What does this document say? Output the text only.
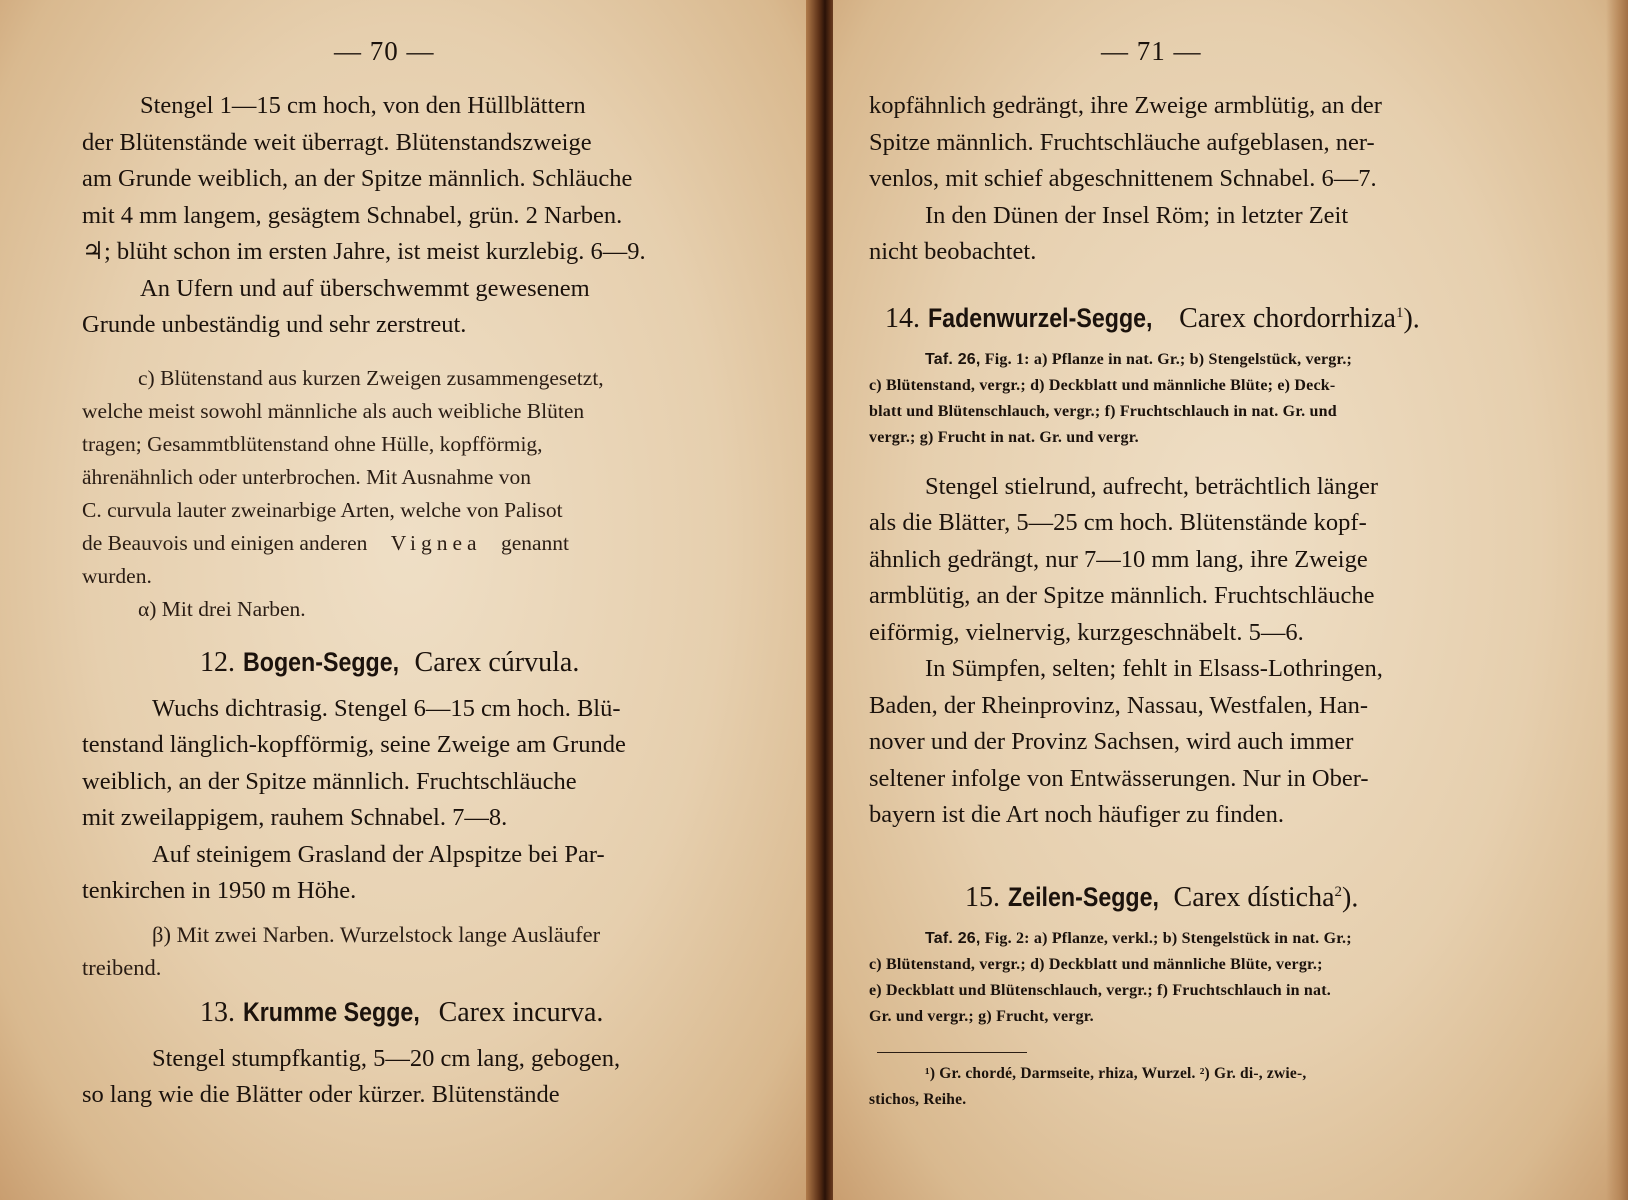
— 70 —

Stengel 1—15 cm hoch, von den Hüllblättern
der Blütenstände weit überragt. Blütenstandszweige
am Grunde weiblich, an der Spitze männlich. Schläuche
mit 4 mm langem, gesägtem Schnabel, grün. 2 Narben.
♃; blüht schon im ersten Jahre, ist meist kurzlebig. 6—9.

An Ufern und auf überschwemmt gewesenem
Grunde unbeständig und sehr zerstreut.

c) Blütenstand aus kurzen Zweigen zusammengesetzt,
welche meist sowohl männliche als auch weibliche Blüten
tragen; Gesammtblütenstand ohne Hülle, kopfförmig,
ährenähnlich oder unterbrochen. Mit Ausnahme von
C. curvula lauter zweinarbige Arten, welche von Palisot
de Beauvois und einigen anderen Vignea genannt
wurden.
α) Mit drei Narben.
12. Bogen-Segge, Carex cúrvula.

Wuchs dichtrasig. Stengel 6—15 cm hoch. Blü-
tenstand länglich-kopfförmig, seine Zweige am Grunde
weiblich, an der Spitze männlich. Fruchtschläuche
mit zweilappigem, rauhem Schnabel. 7—8.

Auf steinigem Grasland der Alpspitze bei Par-
tenkirchen in 1950 m Höhe.

β) Mit zwei Narben. Wurzelstock lange Ausläufer
treibend.
13. Krumme Segge, Carex incurva.

Stengel stumpfkantig, 5—20 cm lang, gebogen,
so lang wie die Blätter oder kürzer. Blütenstände

— 71 —

kopfähnlich gedrängt, ihre Zweige armblütig, an der
Spitze männlich. Fruchtschläuche aufgeblasen, ner-
venlos, mit schief abgeschnittenem Schnabel. 6—7.

In den Dünen der Insel Röm; in letzter Zeit
nicht beobachtet.

14. Fadenwurzel-Segge, Carex chordorrhiza$^1$).
Taf. 26, Fig. 1: a) Pflanze in nat. Gr.; b) Stengelstück, vergr.;
c) Blütenstand, vergr.; d) Deckblatt und männliche Blüte; e) Deck-
blatt und Blütenschlauch, vergr.; f) Fruchtschlauch in nat. Gr. und
vergr.; g) Frucht in nat. Gr. und vergr.

Stengel stielrund, aufrecht, beträchtlich länger
als die Blätter, 5—25 cm hoch. Blütenstände kopf-
ähnlich gedrängt, nur 7—10 mm lang, ihre Zweige
armblütig, an der Spitze männlich. Fruchtschläuche
eiförmig, vielnervig, kurzgeschnäbelt. 5—6.

In Sümpfen, selten; fehlt in Elsass-Lothringen,
Baden, der Rheinprovinz, Nassau, Westfalen, Han-
nover und der Provinz Sachsen, wird auch immer
seltener infolge von Entwässerungen. Nur in Ober-
bayern ist die Art noch häufiger zu finden.

15. Zeilen-Segge, Carex dísticha$^2$).
Taf. 26, Fig. 2: a) Pflanze, verkl.; b) Stengelstück in nat. Gr.;
c) Blütenstand, vergr.; d) Deckblatt und männliche Blüte, vergr.;
e) Deckblatt und Blütenschlauch, vergr.; f) Fruchtschlauch in nat.
Gr. und vergr.; g) Frucht, vergr.
¹) Gr. chordé, Darmseite, rhiza, Wurzel. ²) Gr. di-, zwie-,
stichos, Reihe.
